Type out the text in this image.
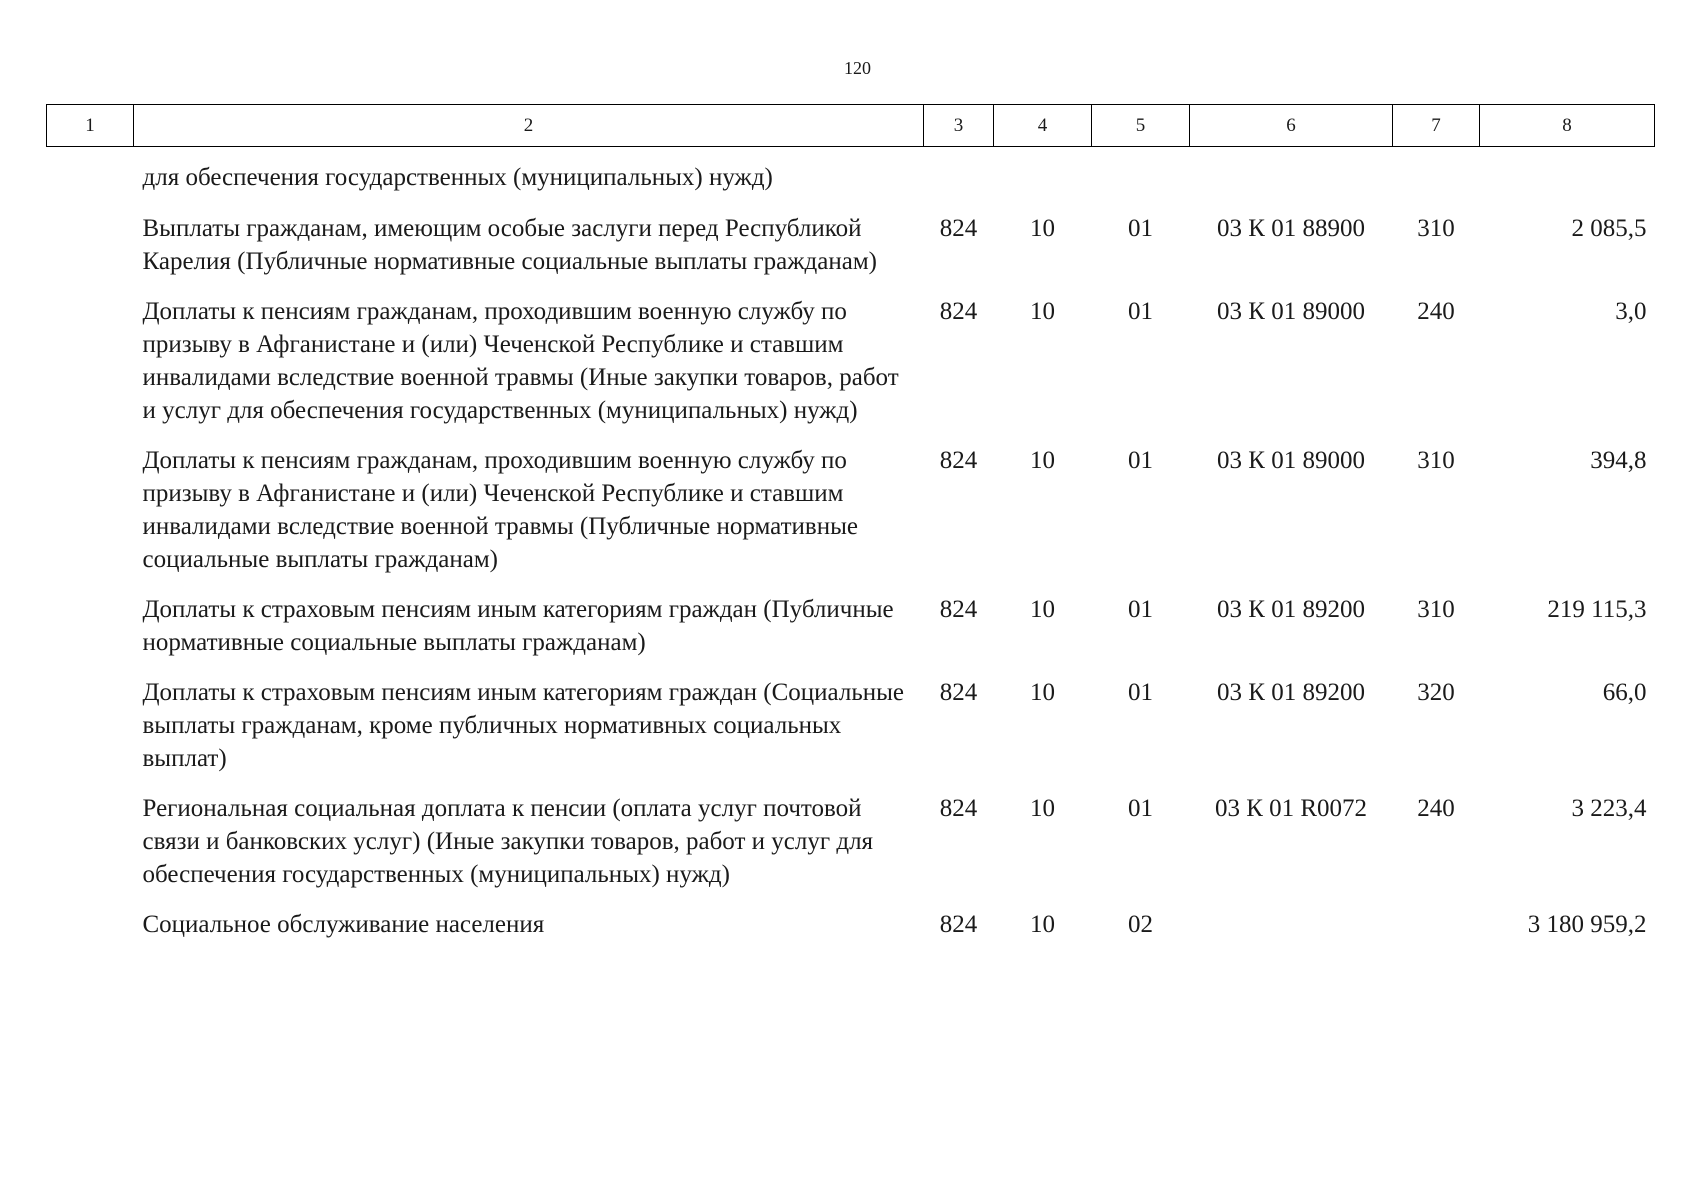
120
1	2	3	4	5	6	7	8
	для обеспечения государственных (муниципальных) нужд)						
	Выплаты гражданам, имеющим особые заслуги перед Республикой Карелия (Публичные нормативные социальные выплаты гражданам)	824	10	01	03 К 01 88900	310	2 085,5
	Доплаты к пенсиям гражданам, проходившим военную службу по призыву в Афганистане и (или) Чеченской Республике и ставшим инвалидами вследствие военной травмы (Иные закупки товаров, работ и услуг для обеспечения государственных (муниципальных) нужд)	824	10	01	03 К 01 89000	240	3,0
	Доплаты к пенсиям гражданам, проходившим военную службу по призыву в Афганистане и (или) Чеченской Республике и ставшим инвалидами вследствие военной травмы (Публичные нормативные социальные выплаты гражданам)	824	10	01	03 К 01 89000	310	394,8
	Доплаты к страховым пенсиям иным категориям граждан (Публичные нормативные социальные выплаты гражданам)	824	10	01	03 К 01 89200	310	219 115,3
	Доплаты к страховым пенсиям иным категориям граждан (Социальные выплаты гражданам, кроме публичных нормативных социальных выплат)	824	10	01	03 К 01 89200	320	66,0
	Региональная социальная доплата к пенсии (оплата услуг почтовой связи и банковских услуг) (Иные закупки товаров, работ и услуг для обеспечения государственных (муниципальных) нужд)	824	10	01	03 К 01 R0072	240	3 223,4
	Социальное обслуживание населения	824	10	02			3 180 959,2
